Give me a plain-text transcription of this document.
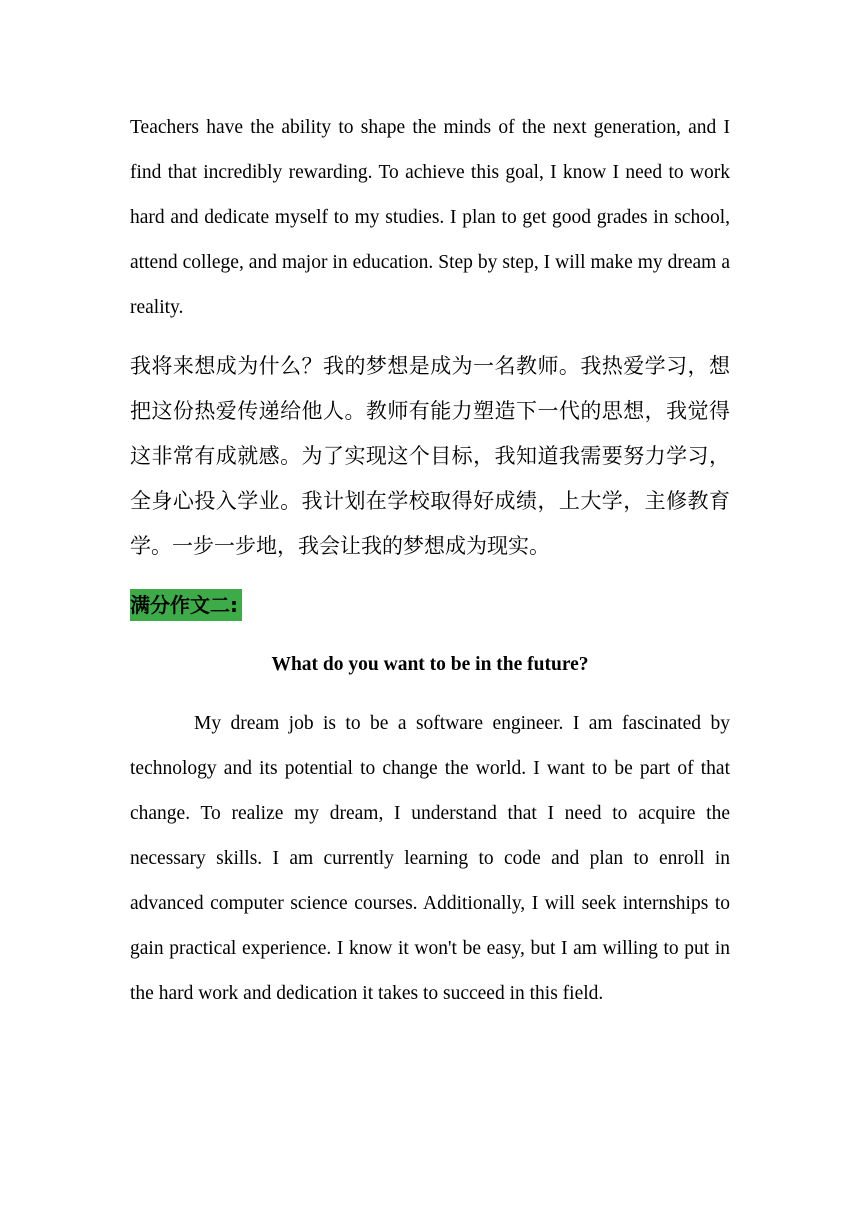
Teachers have the ability to shape the minds of the next generation, and I find that incredibly rewarding. To achieve this goal, I know I need to work hard and dedicate myself to my studies. I plan to get good grades in school, attend college, and major in education. Step by step, I will make my dream a reality.

我将来想成为什么？我的梦想是成为一名教师。我热爱学习，想把这份热爱传递给他人。教师有能力塑造下一代的思想，我觉得这非常有成就感。为了实现这个目标，我知道我需要努力学习，全身心投入学业。我计划在学校取得好成绩，上大学，主修教育学。一步一步地，我会让我的梦想成为现实。

满分作文二:

What do you want to be in the future?

My dream job is to be a software engineer. I am fascinated by technology and its potential to change the world. I want to be part of that change. To realize my dream, I understand that I need to acquire the necessary skills. I am currently learning to code and plan to enroll in advanced computer science courses. Additionally, I will seek internships to gain practical experience. I know it won't be easy, but I am willing to put in the hard work and dedication it takes to succeed in this field.
